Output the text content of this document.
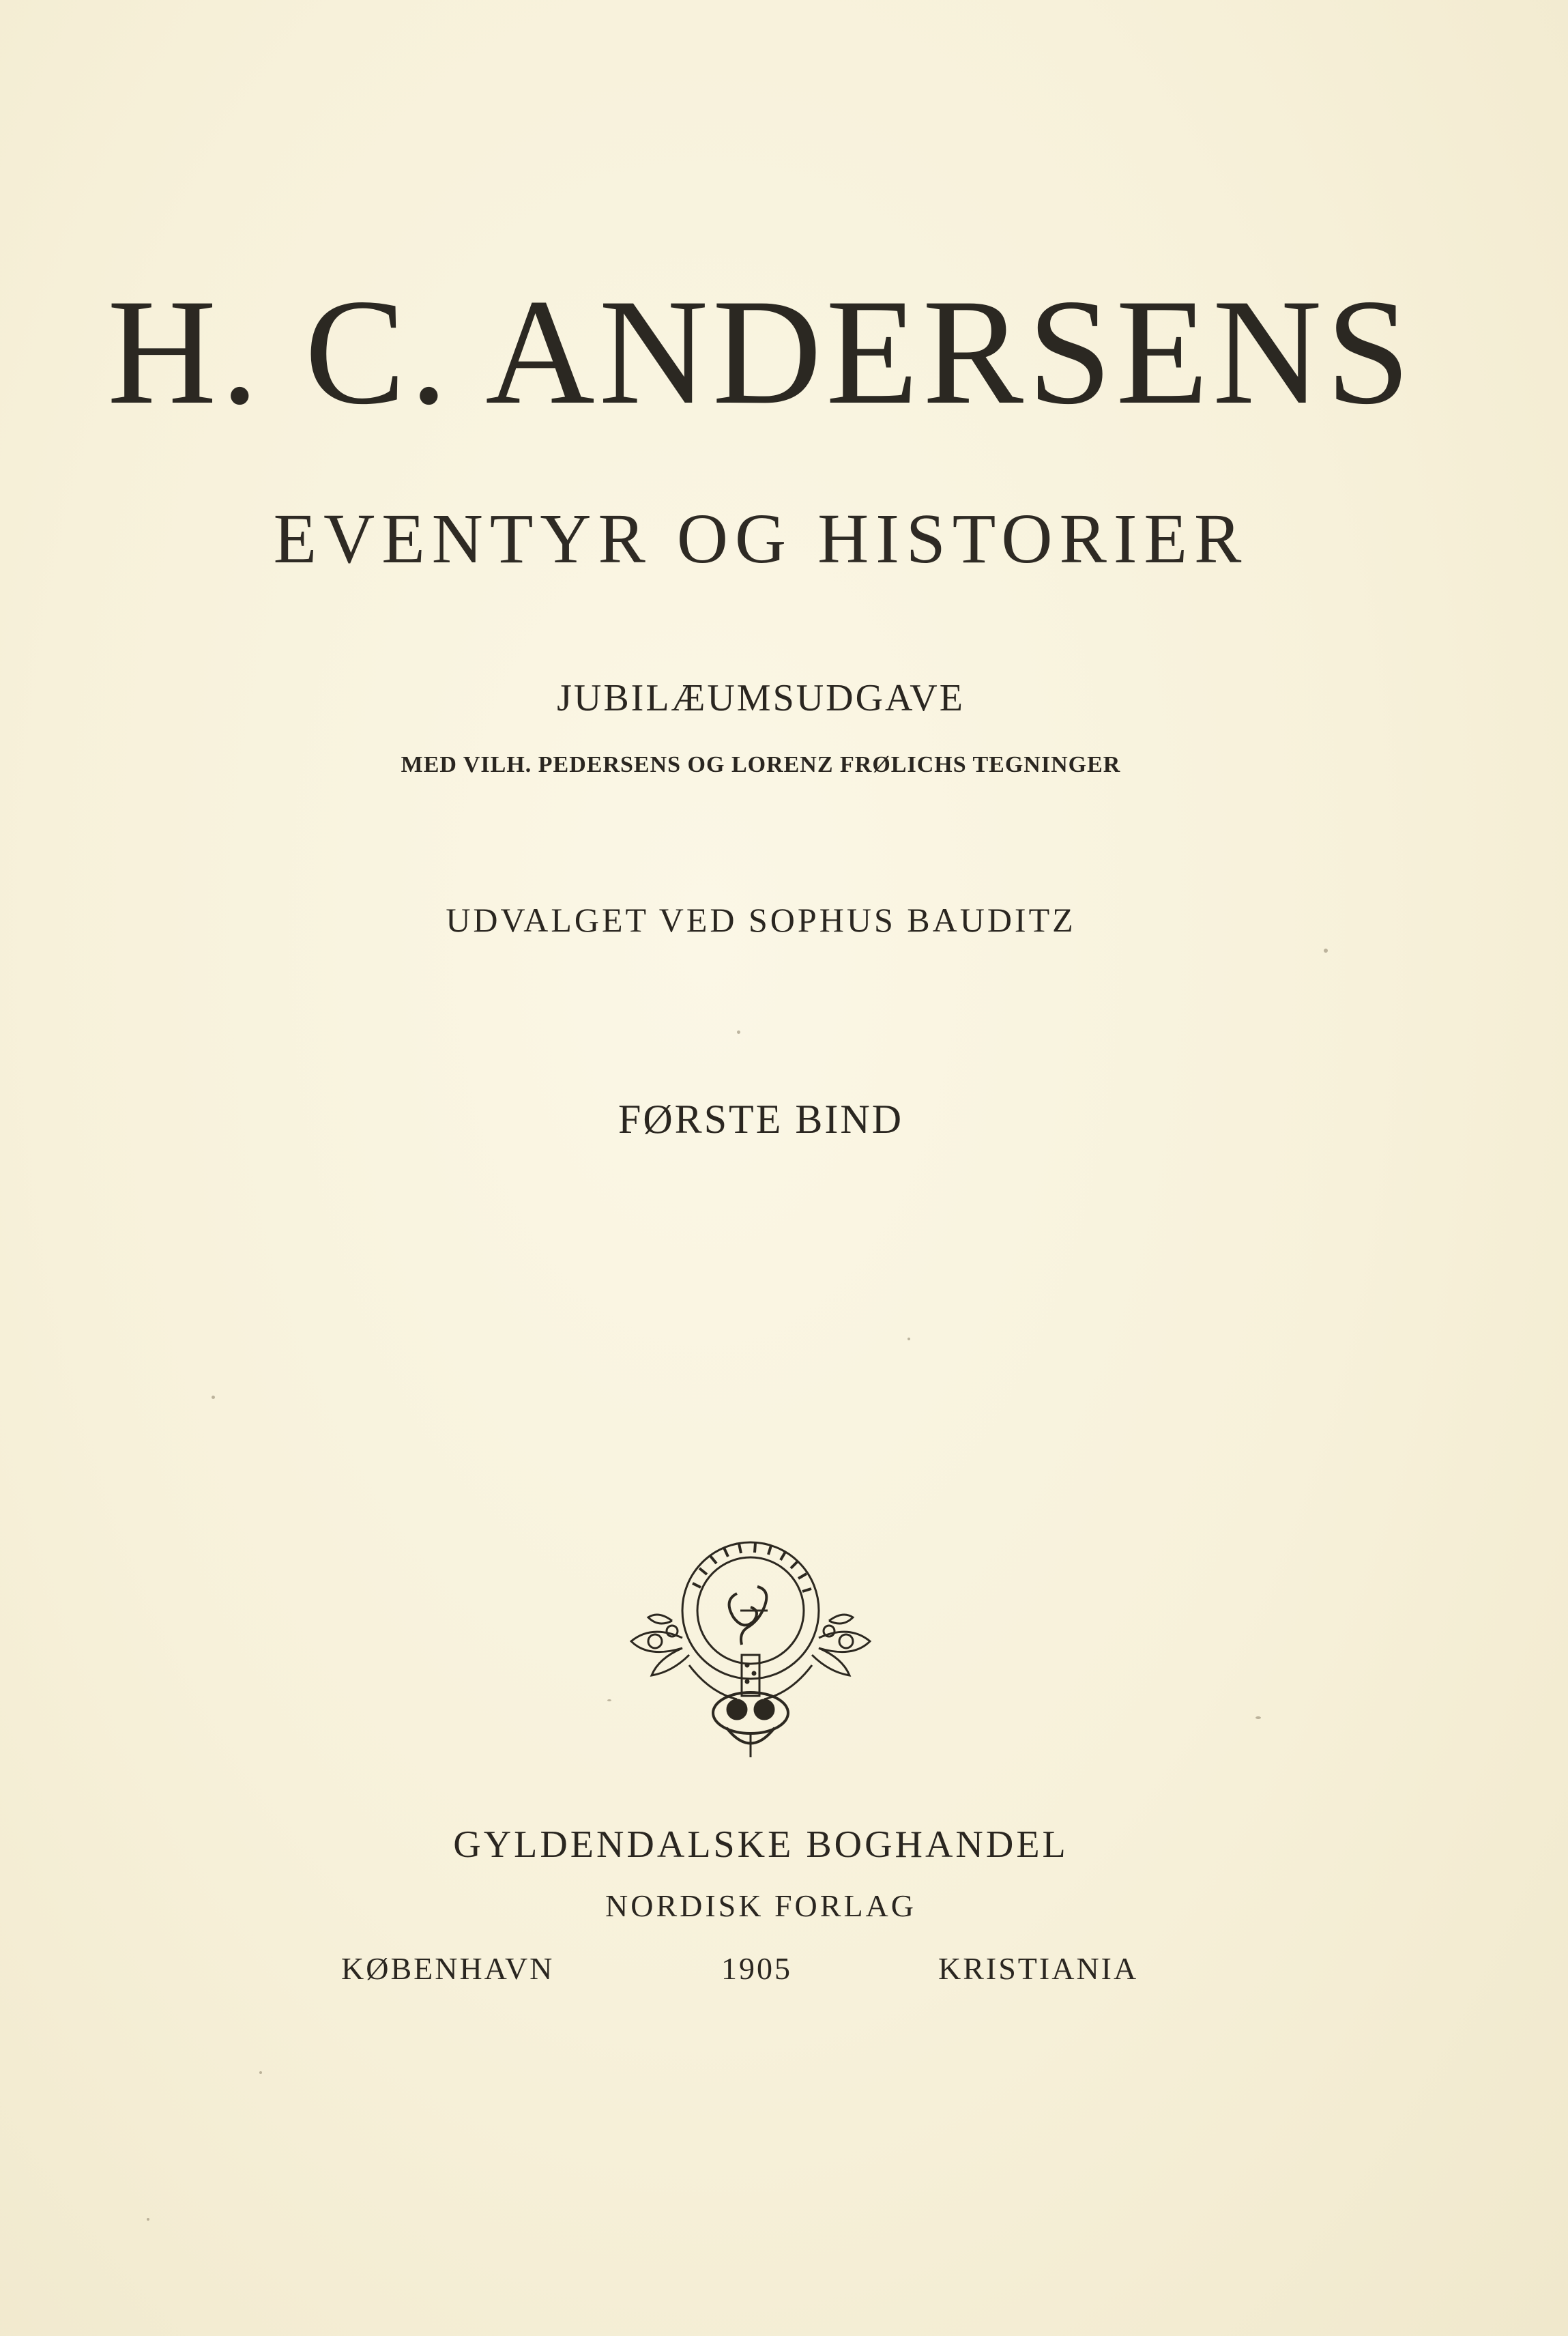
H. C. ANDERSENS
EVENTYR OG HISTORIER
JUBILÆUMSUDGAVE
MED VILH. PEDERSENS OG LORENZ FRØLICHS TEGNINGER
UDVALGET VED SOPHUS BAUDITZ
FØRSTE BIND
GYLDENDALSKE BOGHANDEL
NORDISK FORLAG
KØBENHAVN	1905	KRISTIANIA
